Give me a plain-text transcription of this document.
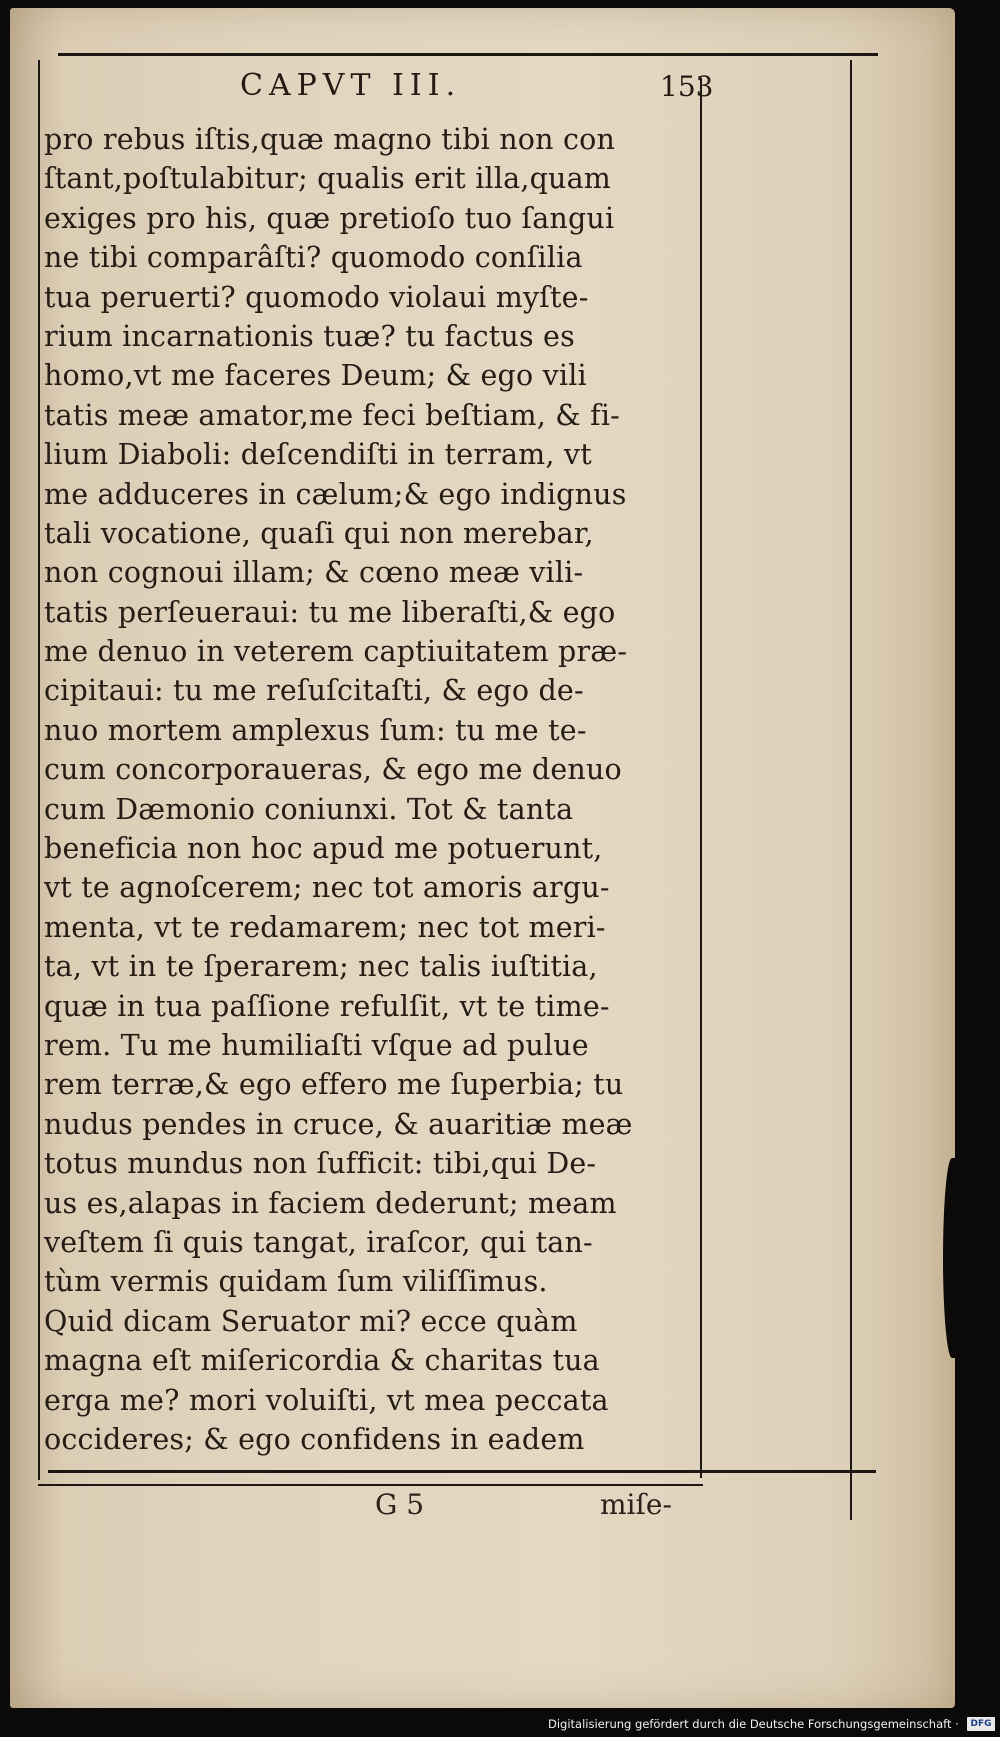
CAPVT III.	153
pro rebus iſtis,quæ magno tibi non con
ſtant,poſtulabitur; qualis erit illa,quam
exiges pro his, quæ pretioſo tuo ſangui
ne tibi comparâſti? quomodo conſilia
tua peruerti? quomodo violaui myſte-
rium incarnationis tuæ? tu factus es
homo,vt me faceres Deum; & ego vili
tatis meæ amator,me feci beſtiam, & fi-
lium Diaboli: deſcendiſti in terram, vt
me adduceres in cælum;& ego indignus
tali vocatione, quaſi qui non merebar,
non cognoui illam; & cœno meæ vili-
tatis perſeueraui: tu me liberaſti,& ego
me denuo in veterem captiuitatem præ-
cipitaui: tu me reſuſcitaſti, & ego de-
nuo mortem amplexus ſum: tu me te-
cum concorporaueras, & ego me denuo
cum Dæmonio coniunxi. Tot & tanta
beneficia non hoc apud me potuerunt,
vt te agnoſcerem; nec tot amoris argu-
menta, vt te redamarem; nec tot meri-
ta, vt in te ſperarem; nec talis iuſtitia,
quæ in tua paſſione refulſit, vt te time-
rem. Tu me humiliaſti vſque ad pulue
rem terræ,& ego effero me ſuperbia; tu
nudus pendes in cruce, & auaritiæ meæ
totus mundus non ſufficit: tibi,qui De-
us es,alapas in faciem dederunt; meam
veſtem ſi quis tangat, iraſcor, qui tan-
tùm vermis quidam ſum viliſſimus.
Quid dicam Seruator mi? ecce quàm
magna eſt miſericordia & charitas tua
erga me? mori voluiſti, vt mea peccata
occideres; & ego confidens in eadem
G 5	miſe-
Digitalisierung gefördert durch die Deutsche Forschungsgemeinschaft ·	DFG
